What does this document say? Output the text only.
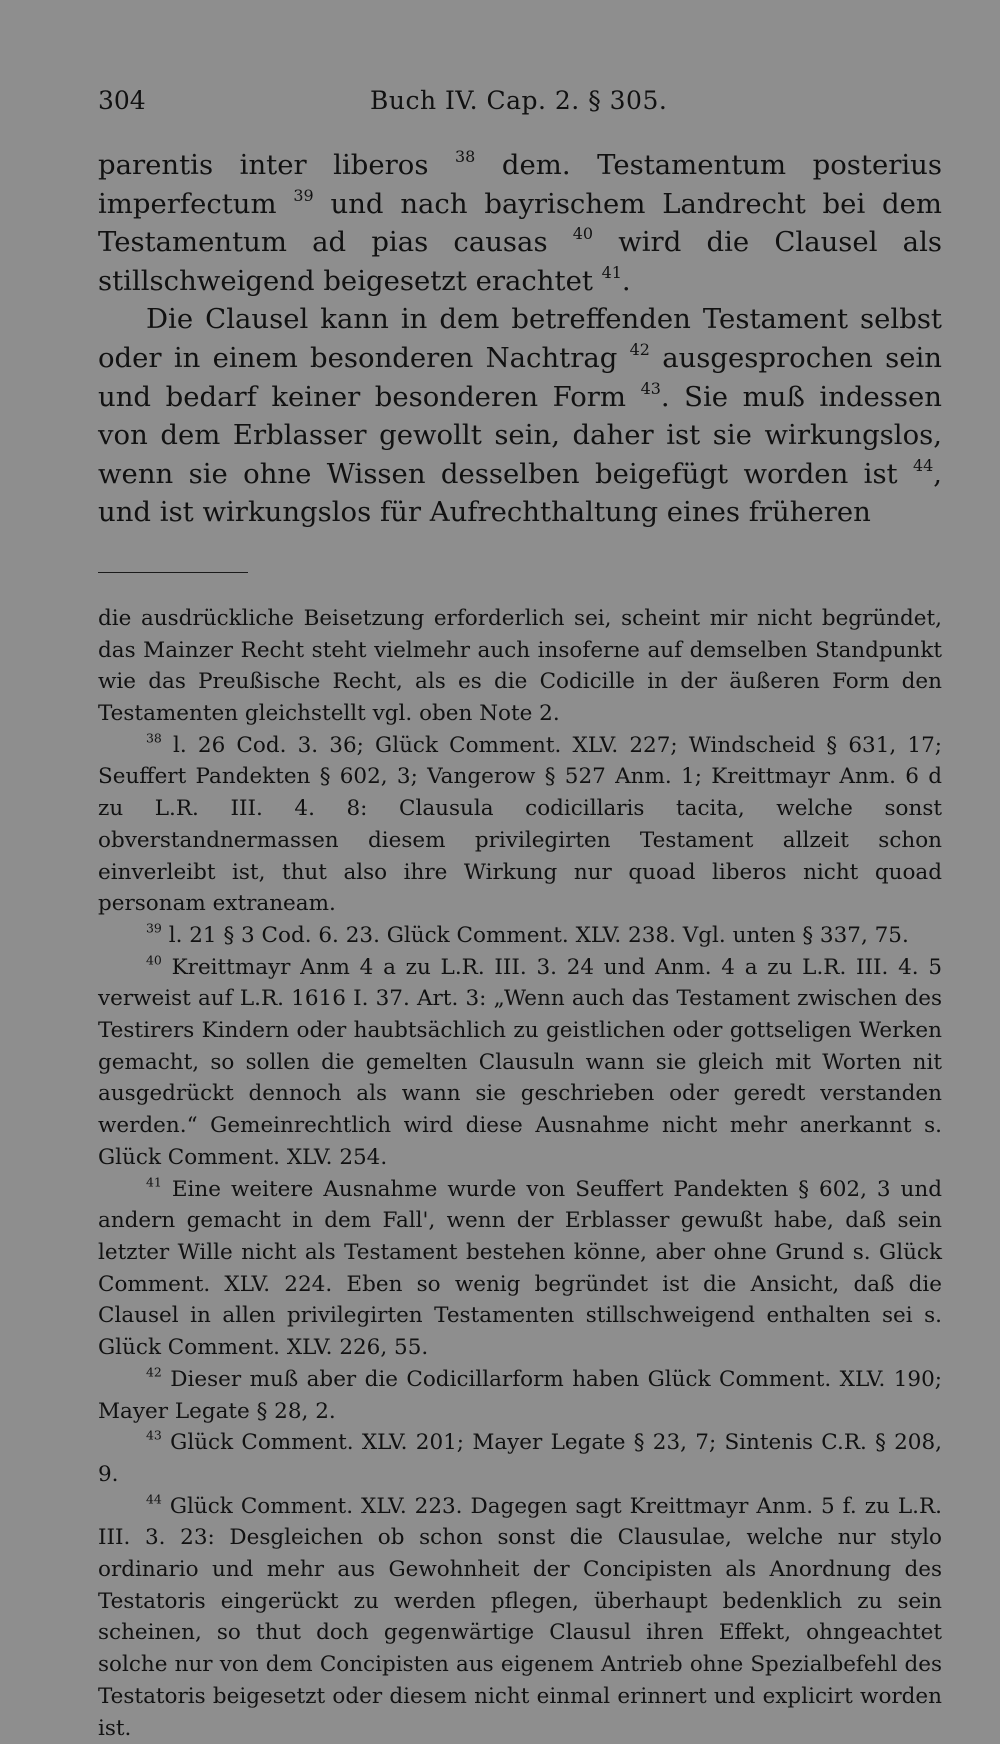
304	Buch IV. Cap. 2. § 305.

parentis inter liberos $^{38}$ dem. Testamentum posterius imperfectum $^{39}$ und nach bayrischem Landrecht bei dem Testamentum ad pias causas $^{40}$ wird die Clausel als stillschweigend beigesetzt erachtet $^{41}$.

Die Clausel kann in dem betreffenden Testament selbst oder in einem besonderen Nachtrag $^{42}$ ausgesprochen sein und bedarf keiner besonderen Form $^{43}$. Sie muß indessen von dem Erblasser gewollt sein, daher ist sie wirkungslos, wenn sie ohne Wissen desselben beigefügt worden ist $^{44}$, und ist wirkungslos für Aufrechthaltung eines früheren

die ausdrückliche Beisetzung erforderlich sei, scheint mir nicht begründet, das Mainzer Recht steht vielmehr auch insoferne auf demselben Standpunkt wie das Preußische Recht, als es die Codicille in der äußeren Form den Testamenten gleichstellt vgl. oben Note 2.

$^{38}$ l. 26 Cod. 3. 36; Glück Comment. XLV. 227; Windscheid § 631, 17; Seuffert Pandekten § 602, 3; Vangerow § 527 Anm. 1; Kreittmayr Anm. 6 d zu L.R. III. 4. 8: Clausula codicillaris tacita, welche sonst obverstandnermassen diesem privilegirten Testament allzeit schon einverleibt ist, thut also ihre Wirkung nur quoad liberos nicht quoad personam extraneam.

$^{39}$ l. 21 § 3 Cod. 6. 23. Glück Comment. XLV. 238. Vgl. unten § 337, 75.

$^{40}$ Kreittmayr Anm 4 a zu L.R. III. 3. 24 und Anm. 4 a zu L.R. III. 4. 5 verweist auf L.R. 1616 I. 37. Art. 3: „Wenn auch das Testament zwischen des Testirers Kindern oder haubtsächlich zu geistlichen oder gottseligen Werken gemacht, so sollen die gemelten Clausuln wann sie gleich mit Worten nit ausgedrückt dennoch als wann sie geschrieben oder geredt verstanden werden.“ Gemeinrechtlich wird diese Ausnahme nicht mehr anerkannt s. Glück Comment. XLV. 254.

$^{41}$ Eine weitere Ausnahme wurde von Seuffert Pandekten § 602, 3 und andern gemacht in dem Fall', wenn der Erblasser gewußt habe, daß sein letzter Wille nicht als Testament bestehen könne, aber ohne Grund s. Glück Comment. XLV. 224. Eben so wenig begründet ist die Ansicht, daß die Clausel in allen privilegirten Testamenten stillschweigend enthalten sei s. Glück Comment. XLV. 226, 55.

$^{42}$ Dieser muß aber die Codicillarform haben Glück Comment. XLV. 190; Mayer Legate § 28, 2.

$^{43}$ Glück Comment. XLV. 201; Mayer Legate § 23, 7; Sintenis C.R. § 208, 9.

$^{44}$ Glück Comment. XLV. 223. Dagegen sagt Kreittmayr Anm. 5 f. zu L.R. III. 3. 23: Desgleichen ob schon sonst die Clausulae, welche nur stylo ordinario und mehr aus Gewohnheit der Concipisten als Anordnung des Testatoris eingerückt zu werden pflegen, überhaupt bedenklich zu sein scheinen, so thut doch gegenwärtige Clausul ihren Effekt, ohngeachtet solche nur von dem Concipisten aus eigenem Antrieb ohne Spezialbefehl des Testatoris beigesetzt oder diesem nicht einmal erinnert und explicirt worden ist.
